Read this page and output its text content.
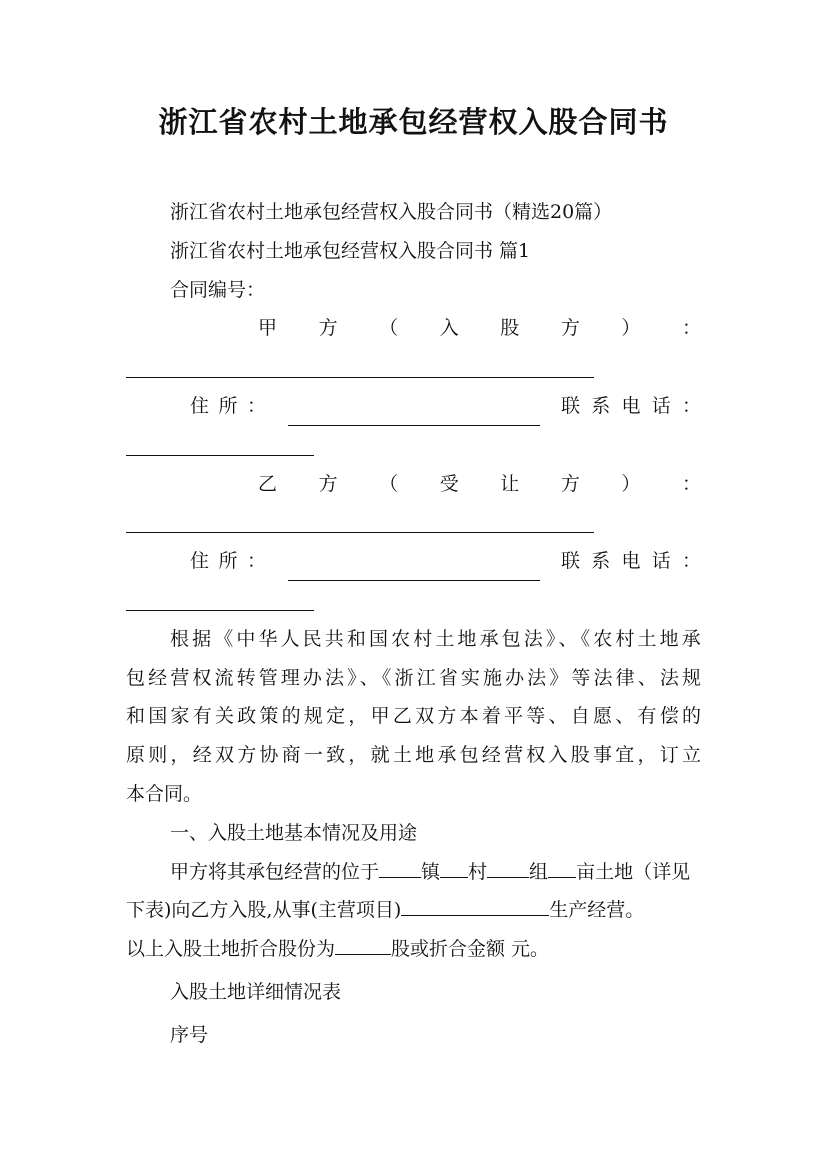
浙江省农村土地承包经营权入股合同书
浙江省农村土地承包经营权入股合同书（精选20篇）
浙江省农村土地承包经营权入股合同书 篇1
合同编号：
甲 方 （ 入 股 方 ） ：
住 所 ：	联 系 电 话 ：
乙 方 （ 受 让 方 ） ：
住 所 ：	联 系 电 话 ：
根据《中华人民共和国农村土地承包法》、《农村土地承
包经营权流转管理办法》、《浙江省实施办法》等法律、法规
和国家有关政策的规定，甲乙双方本着平等、自愿、有偿的
原则，经双方协商一致，就土地承包经营权入股事宜，订立
本合同。
一、入股土地基本情况及用途
甲方将其承包经营的位于 镇 村 组 亩土地（详见
下表)向乙方入股,从事(主营项目)	生产经营。
以上入股土地折合股份为	股或折合金额 元。
入股土地详细情况表
序号
